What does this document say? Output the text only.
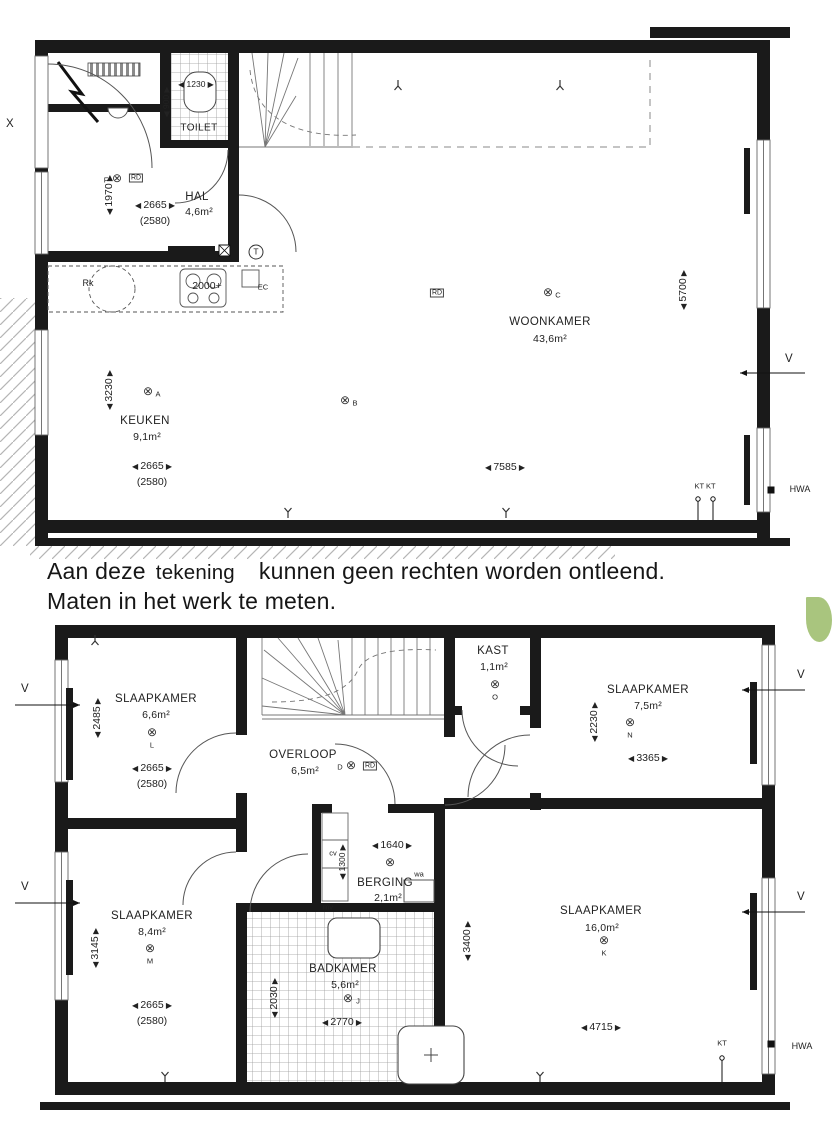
HAL
4,6m²
TOILET
KEUKEN
9,1m²
WOONKAMER
43,6m²
◀ 1230 ▶
◀ 900 ▶
◀ 1970 ▶	◀ 2665 ▶
(2580)
2000+
◀ 3230 ▶
◀ 2665 ▶
(2580)
◀ 7585 ▶
◀ 5700 ▶
Rk	EC
RD
RD
⊗
F
T
V
HWA
KT KT
X
⊗
A
⊗
B
⊗
C
Aan deze tekening kunnen geen rechten worden ontleend.
Maten in het werk te meten.
SLAAPKAMER
6,6m²
KAST
1,1m²
SLAAPKAMER
7,5m²
OVERLOOP
6,5m²
BERGING
2,1m²
SLAAPKAMER
8,4m²
BADKAMER
5,6m²
SLAAPKAMER
16,0m²
◀ 2485 ▶
◀ 2665 ▶
(2580)
◀ 2230 ▶
◀ 3365 ▶
◀ 1640 ▶
◀ 1300 ▶
◀ 3145 ▶
◀ 2665 ▶
(2580)
◀ 2030 ▶
◀ 2770 ▶
◀ 3400 ▶
◀ 4715 ▶
V
V
V
V
HWA
KT
cv
mv
wa
RD
⊗
D
⊗
L
⊗
O
⊗
N
⊗
⊗
M
⊗
J
⊗
K
